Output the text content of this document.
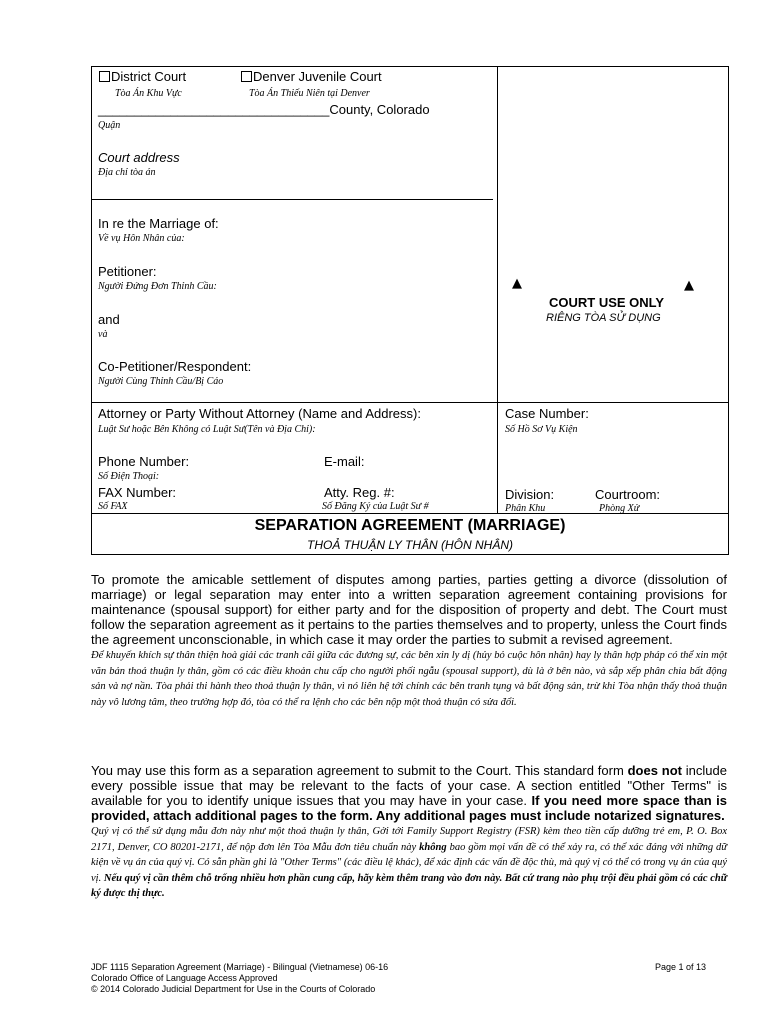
District Court
Tòa Án Khu Vực
Denver Juvenile Court
Tòa Án Thiếu Niên tại Denver
________________________________County, Colorado
Quận
Court address
Địa chỉ tòa án
In re the Marriage of:
Về vụ Hôn Nhân của:
Petitioner:
Người Đứng Đơn Thỉnh Cầu:
and
và
Co-Petitioner/Respondent:
Người Cùng Thỉnh Cầu/Bị Cáo
▲	▲
COURT USE ONLY
RIÊNG TÒA SỬ DỤNG
Attorney or Party Without Attorney (Name and Address):
Luật Sư hoặc Bên Không có Luật Sư(Tên và Địa Chỉ):
Case Number:
Số Hồ Sơ Vụ Kiện
Phone Number:
Số Điện Thoại:
E-mail:
FAX Number:
Số FAX
Atty. Reg. #:
Số Đăng Ký của Luật Sư #
Division:
Phân Khu
Courtroom:
Phòng Xử
SEPARATION AGREEMENT (MARRIAGE)
THOẢ THUẬN LY THÂN (HÔN NHÂN)
To promote the amicable settlement of disputes among parties, parties getting a divorce (dissolution of marriage) or legal separation may enter into a written separation agreement containing provisions for maintenance (spousal support) for either party and for the disposition of property and debt. The Court must follow the separation agreement as it pertains to the parties themselves and to property, unless the Court finds the agreement unconscionable, in which case it may order the parties to submit a revised agreement.
Để khuyến khích sự thân thiện hoà giải các tranh cãi giữa các đương sự, các bên xin ly dị (hủy bỏ cuộc hôn nhân) hay ly thân hợp pháp có thể xin một văn bản thoả thuận ly thân, gồm có các điều khoản chu cấp cho người phối ngẫu (spousal support), dù là ở bên nào, và sắp xếp phân chia bất động sản và nợ nần. Tòa phải thi hành theo thoả thuận ly thân, vì nó liên hệ tới chính các bên tranh tụng và bất động sản, trừ khi Tòa nhận thấy thoả thuận này vô lương tâm, theo trường hợp đó, tòa có thể ra lệnh cho các bên nộp một thoả thuận có sửa đổi.
You may use this form as a separation agreement to submit to the Court. This standard form does not include every possible issue that may be relevant to the facts of your case. A section entitled "Other Terms" is available for you to identify unique issues that you may have in your case. If you need more space than is provided, attach additional pages to the form. Any additional pages must include notarized signatures.
Quý vị có thể sử dụng mẫu đơn này như một thoả thuận ly thân, Gởi tới Family Support Registry (FSR) kèm theo tiền cấp dưỡng trẻ em, P. O. Box 2171, Denver, CO 80201-2171, để nộp đơn lên Tòa Mẫu đơn tiêu chuẩn này không bao gồm mọi vấn đề có thể xảy ra, có thể xác đáng với những dữ kiện về vụ án của quý vị. Có sẵn phần ghi là "Other Terms" (các điều lệ khác), để xác định các vấn đề độc thù, mà quý vị có thể có trong vụ án của quý vị. Nếu quý vị cần thêm chỗ trống nhiều hơn phần cung cấp, hãy kèm thêm trang vào đơn này. Bất cứ trang nào phụ trội đều phải gồm có các chữ ký được thị thực.
JDF 1115 Separation Agreement (Marriage) - Bilingual (Vietnamese) 06-16
Colorado Office of Language Access Approved
© 2014 Colorado Judicial Department for Use in the Courts of Colorado
Page 1 of 13
